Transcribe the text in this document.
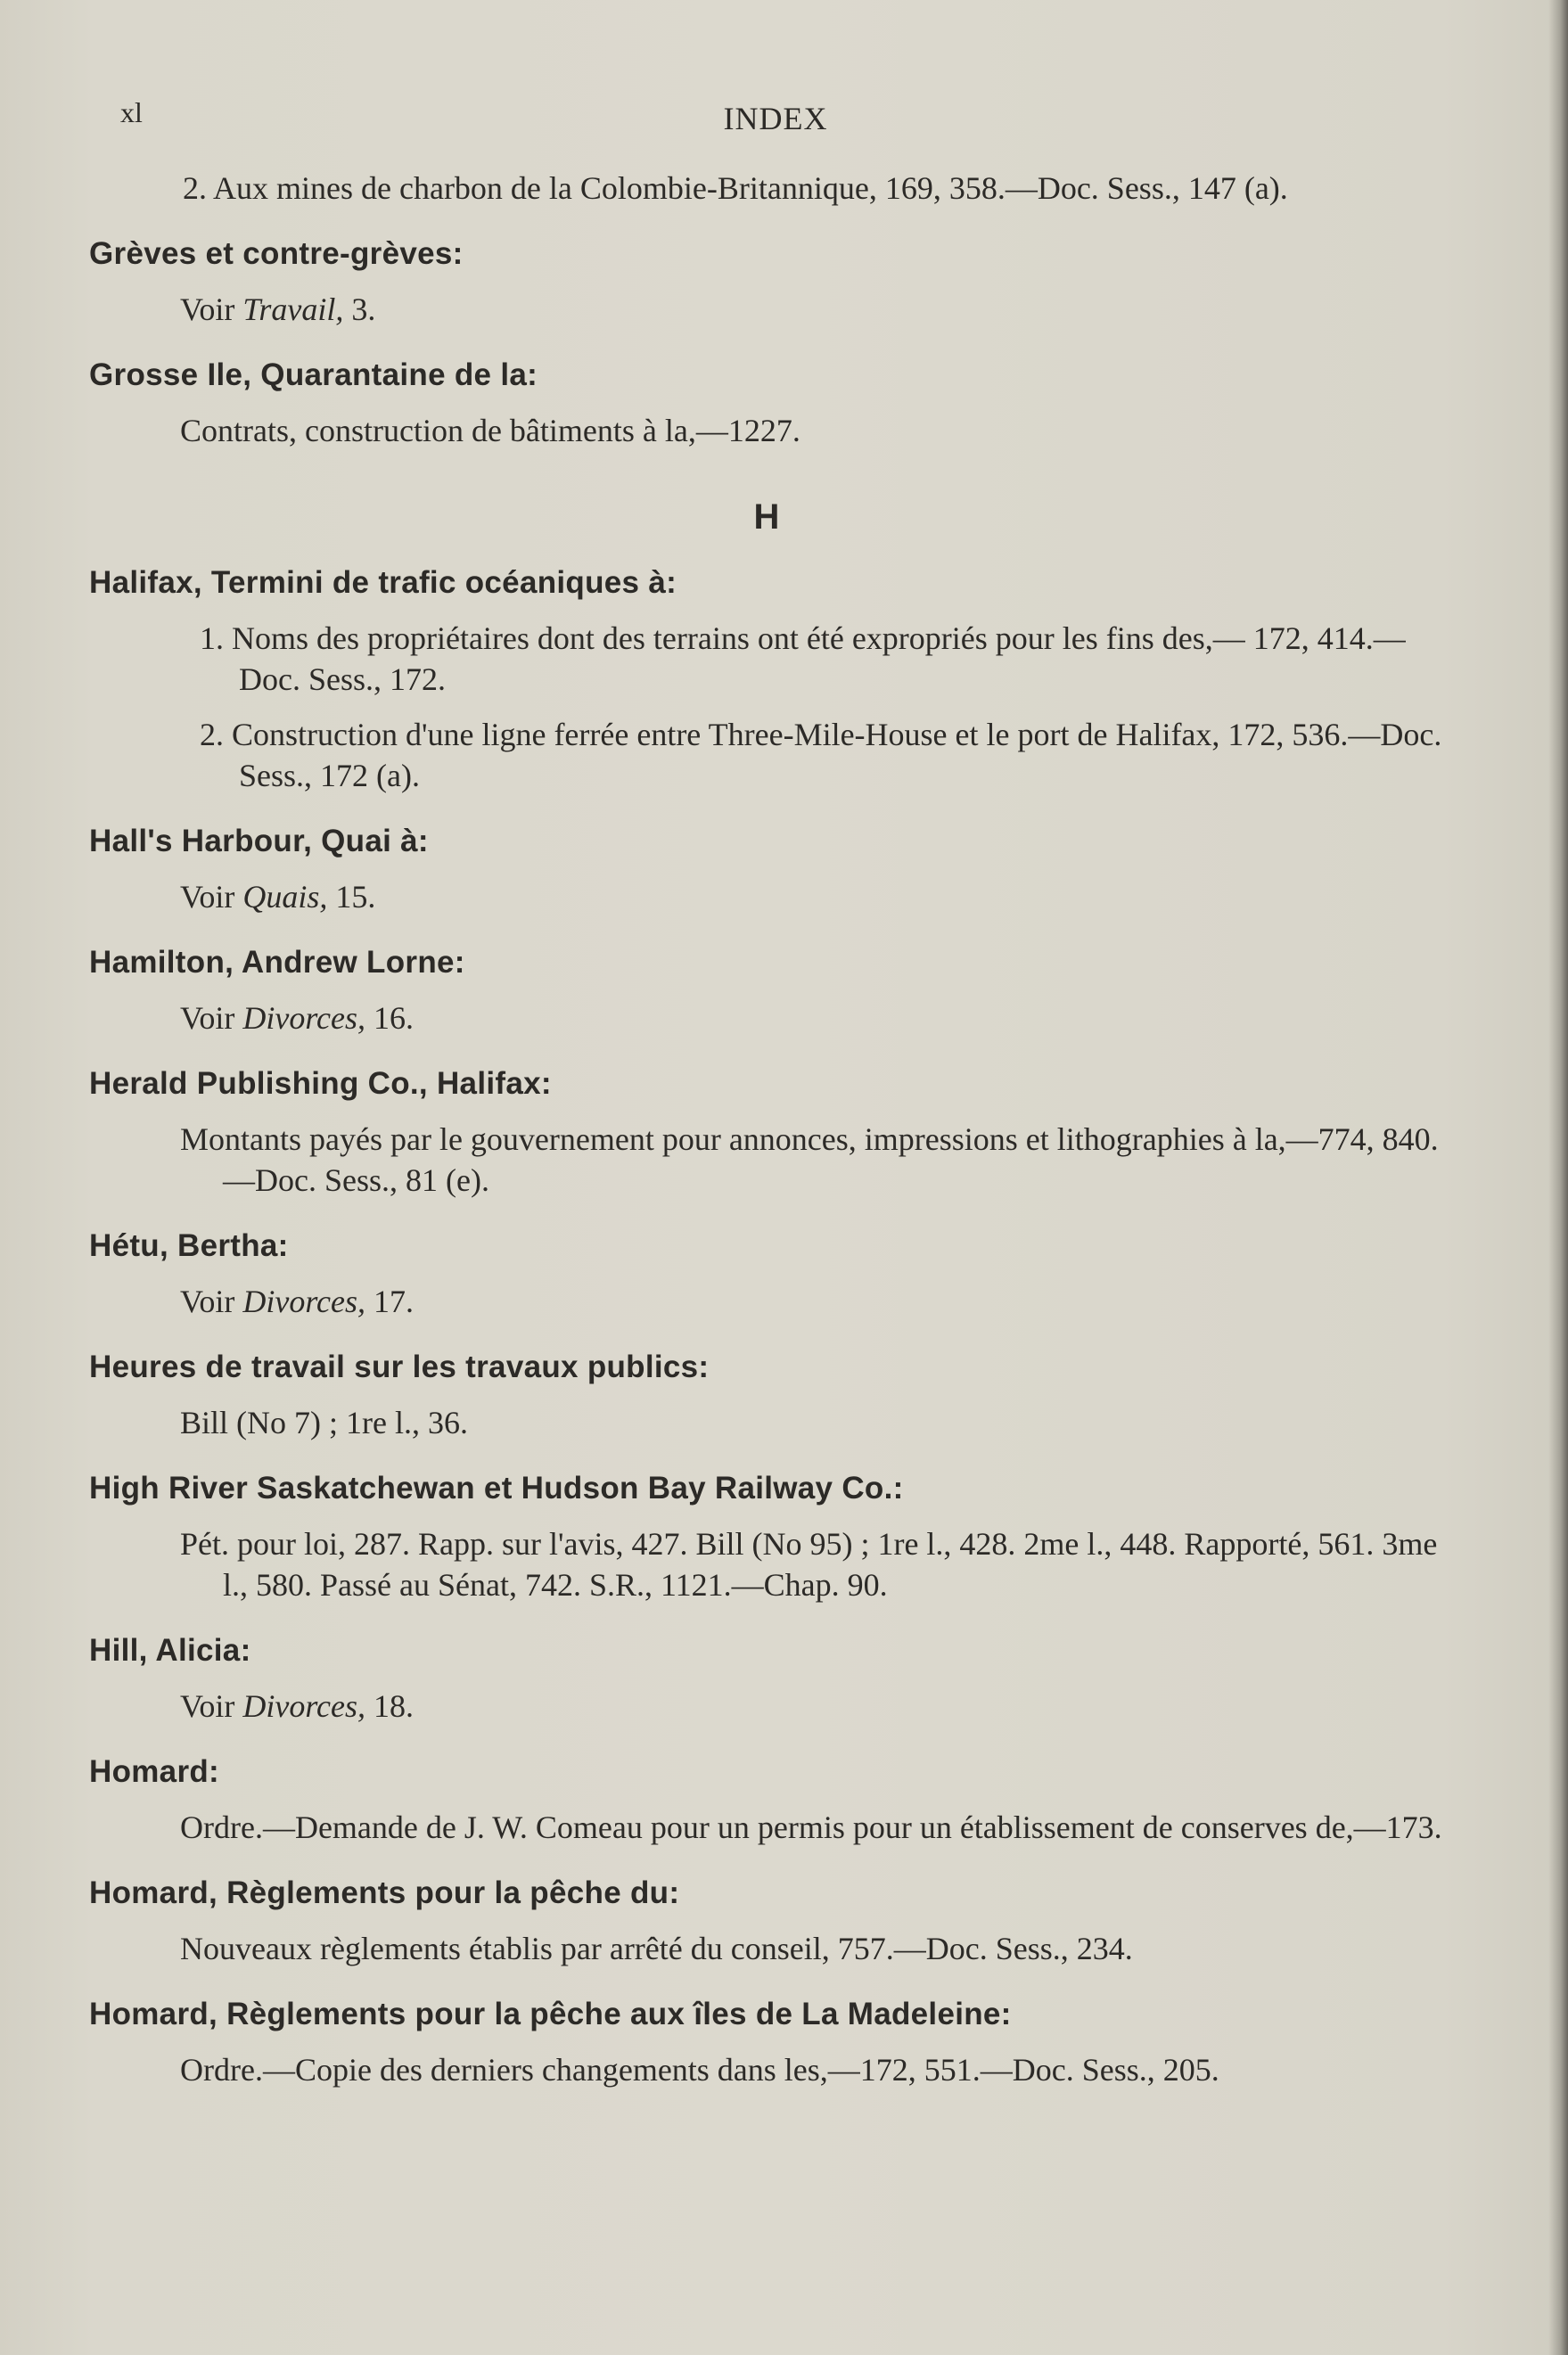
xl	INDEX
2. Aux mines de charbon de la Colombie-Britannique, 169, 358.—Doc. Sess., 147 (a).
Grèves et contre-grèves:
Voir Travail, 3.
Grosse Ile, Quarantaine de la:
Contrats, construction de bâtiments à la,—1227.
H
Halifax, Termini de trafic océaniques à:
1. Noms des propriétaires dont des terrains ont été expropriés pour les fins des,— 172, 414.—Doc. Sess., 172.
2. Construction d'une ligne ferrée entre Three-Mile-House et le port de Halifax, 172, 536.—Doc. Sess., 172 (a).
Hall's Harbour, Quai à:
Voir Quais, 15.
Hamilton, Andrew Lorne:
Voir Divorces, 16.
Herald Publishing Co., Halifax:
Montants payés par le gouvernement pour annonces, impressions et lithographies à la,—774, 840.—Doc. Sess., 81 (e).
Hétu, Bertha:
Voir Divorces, 17.
Heures de travail sur les travaux publics:
Bill (No 7) ; 1re l., 36.
High River Saskatchewan et Hudson Bay Railway Co.:
Pét. pour loi, 287. Rapp. sur l'avis, 427. Bill (No 95) ; 1re l., 428. 2me l., 448. Rapporté, 561. 3me l., 580. Passé au Sénat, 742. S.R., 1121.—Chap. 90.
Hill, Alicia:
Voir Divorces, 18.
Homard:
Ordre.—Demande de J. W. Comeau pour un permis pour un établissement de conserves de,—173.
Homard, Règlements pour la pêche du:
Nouveaux règlements établis par arrêté du conseil, 757.—Doc. Sess., 234.
Homard, Règlements pour la pêche aux îles de La Madeleine:
Ordre.—Copie des derniers changements dans les,—172, 551.—Doc. Sess., 205.
